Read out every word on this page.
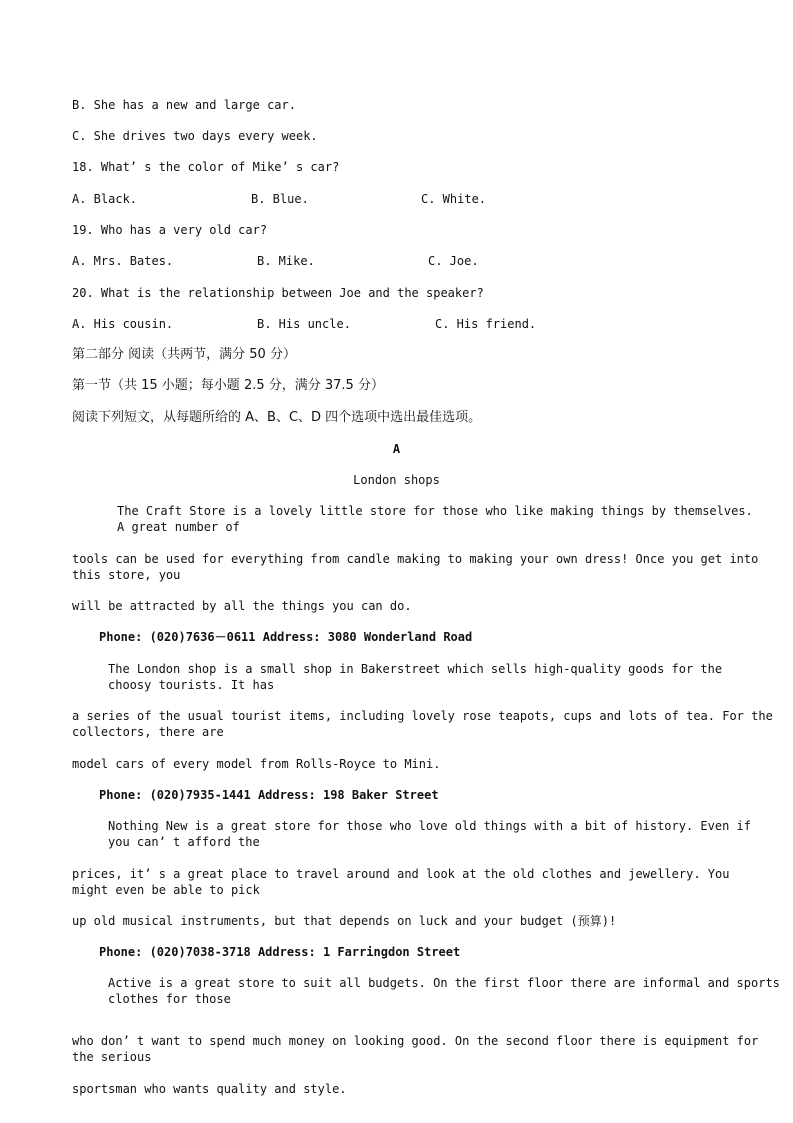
B. She has a new and large car.
C. She drives two days every week.
18. What’ s the color of Mike’ s car?
A. Black.	B. Blue.	C. White.
19. Who has a very old car?
A. Mrs. Bates.	B. Mike.	C. Joe.
20. What is the relationship between Joe and the speaker?
A. His cousin.	B. His uncle.	C. His friend.
第二部分 阅读（共两节，满分 50 分）
第一节（共 15 小题；每小题 2.5 分，满分 37.5 分）
阅读下列短文，从每题所给的 A、B、C、D 四个选项中选出最佳选项。
A
London shops
The Craft Store is a lovely little store for those who like making things by themselves. A great number of
tools can be used for everything from candle making to making your own dress! Once you get into this store, you
will be attracted by all the things you can do.
Phone: (020)7636－0611 Address: 3080 Wonderland Road
The London shop is a small shop in Bakerstreet which sells high-quality goods for the choosy tourists. It has
a series of the usual tourist items, including lovely rose teapots, cups and lots of tea. For the collectors, there are
model cars of every model from Rolls-Royce to Mini.
Phone: (020)7935-1441 Address: 198 Baker Street
Nothing New is a great store for those who love old things with a bit of history. Even if you can’ t afford the
prices, it’ s a great place to travel around and look at the old clothes and jewellery. You might even be able to pick
up old musical instruments, but that depends on luck and your budget (预算)!
Phone: (020)7038-3718 Address: 1 Farringdon Street
Active is a great store to suit all budgets. On the first floor there are informal and sports clothes for those
who don’ t want to spend much money on looking good. On the second floor there is equipment for the serious
sportsman who wants quality and style.
